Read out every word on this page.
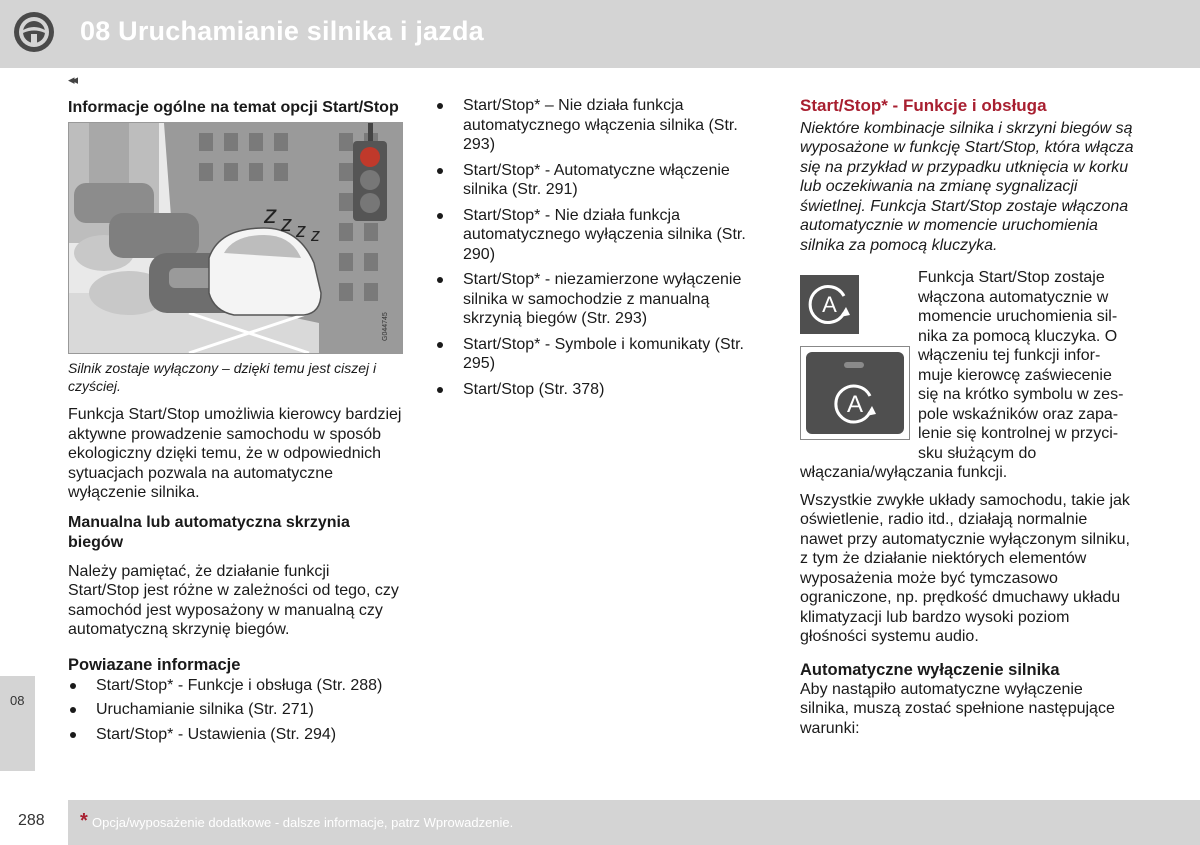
08 Uruchamianie silnika i jazda
◂◂
Informacje ogólne na temat opcji Start/Stop
z z z z
G044745

Silnik zostaje wyłączony – dzięki temu jest ciszej i czyściej.

Funkcja Start/Stop umożliwia kierowcy bardziej aktywne prowadzenie samochodu w sposób ekologiczny dzięki temu, że w odpowiednich sytuacjach pozwala na automatyczne wyłączenie silnika.

Manualna lub automatyczna skrzynia biegów

Należy pamiętać, że działanie funkcji Start/Stop jest różne w zależności od tego, czy samochód jest wyposażony w manualną czy automatyczną skrzynię biegów.

Powiazane informacje
Start/Stop* - Funkcje i obsługa (Str. 288)
Uruchamianie silnika (Str. 271)
Start/Stop* - Ustawienia (Str. 294)
Start/Stop* – Nie działa funkcja automatycznego włączenia silnika (Str. 293)
Start/Stop* - Automatyczne włączenie silnika (Str. 291)
Start/Stop* - Nie działa funkcja automatycznego wyłączenia silnika (Str. 290)
Start/Stop* - niezamierzone wyłączenie silnika w samochodzie z manualną skrzynią biegów (Str. 293)
Start/Stop* - Symbole i komunikaty (Str. 295)
Start/Stop (Str. 378)
Start/Stop* - Funkcje i obsługa

Niektóre kombinacje silnika i skrzyni biegów są wyposażone w funkcję Start/Stop, która włącza się na przykład w przypadku utknięcia w korku lub oczekiwania na zmianę sygnalizacji świetlnej. Funkcja Start/Stop zostaje włączona automatycznie w momencie uruchomienia silnika za pomocą kluczyka.

A
A
Funkcja Start/Stop zostaje
włączona automatycznie w
momencie uruchomienia sil-
nika za pomocą kluczyka. O
włączeniu tej funkcji infor-
muje kierowcę zaświecenie
się na krótko symbolu w zes-
pole wskaźników oraz zapa-
lenie się kontrolnej w przyci-
sku służącym do

włączania/wyłączania funkcji.

Wszystkie zwykłe układy samochodu, takie jak oświetlenie, radio itd., działają normalnie nawet przy automatycznie wyłączonym silniku, z tym że działanie niektórych elementów wyposażenia może być tymczasowo ograniczone, np. prędkość dmuchawy układu klimatyzacji lub bardzo wysoki poziom głośności systemu audio.

Automatyczne wyłączenie silnika

Aby nastąpiło automatyczne wyłączenie silnika, muszą zostać spełnione następujące warunki:

08
288 * Opcja/wyposażenie dodatkowe - dalsze informacje, patrz Wprowadzenie.
